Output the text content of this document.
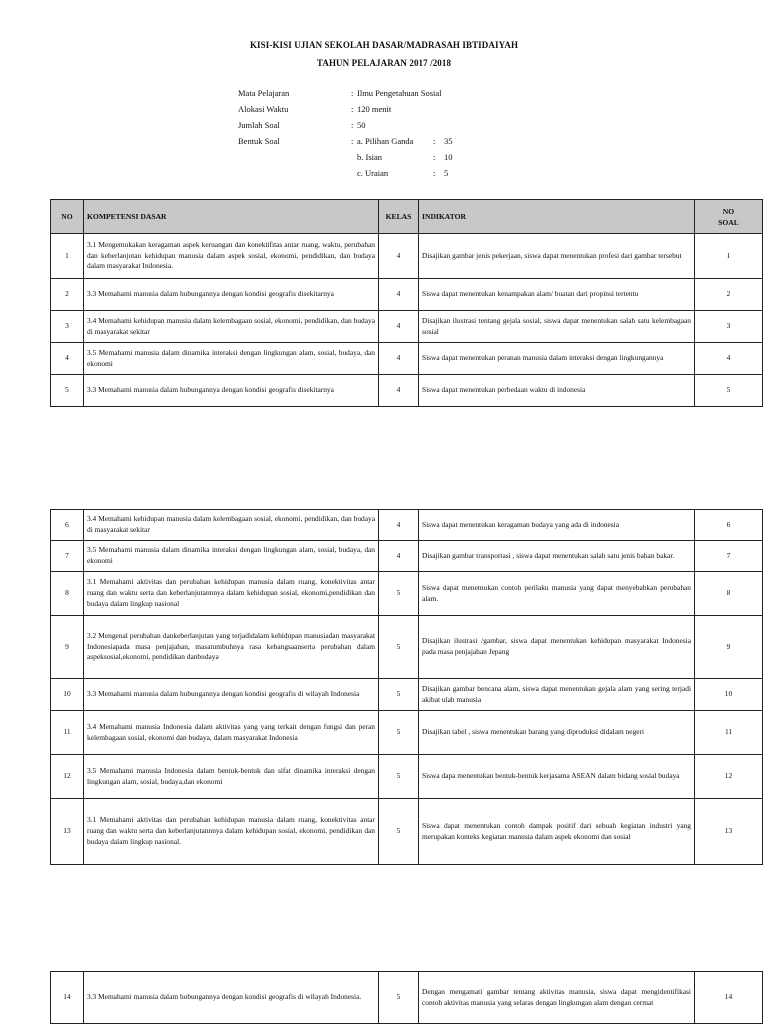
KISI-KISI UJIAN SEKOLAH DASAR/MADRASAH IBTIDAIYAH
TAHUN PELAJARAN 2017 /2018
Mata Pelajaran	: Ilmu Pengetahuan Sosial
Alokasi Waktu	: 120 menit
Jumlah Soal	: 50
Bentuk Soal	: a. Pilihan Ganda : 35
b. Isian	: 10
c. Uraian	: 5
NO	KOMPETENSI DASAR	KELAS	INDIKATOR	NO
SOAL
1	3.1 Mengemukakan keragaman aspek keruangan dan konektifitas antar ruang, waktu, perubahan dan keberlanjutan kehidupan manusia dalam aspek sosial, ekonomi, pendidikan, dan budaya dalam masyarakat Indonesia.	4	Disajikan gambar jenis pekerjaan, siswa dapat menentukan profesi dari gambar tersebut	1
2	3.3 Memahami manusia dalam hubungannya dengan kondisi geografis disekitarnya	4	Siswa dapat menentukan kenampakan alam/ buatan dari propinsi tertentu	2
3	3.4 Memahami kehidupan manusia dalam kelembagaan sosial, ekonomi, pendidikan, dan budaya di masyarakat sekitar	4	Disajikan ilustrasi tentang gejala sosial, siswa dapat menentukan salah satu kelembagaan sosial	3
4	3.5 Memahami manusia dalam dinamika interaksi dengan lingkungan alam, sosial, budaya, dan ekonomi	4	Siswa dapat menentukan peranan manusia dalam interaksi dengan lingkungannya	4
5	3.3 Memahami manusia dalam hubungannya dengan kondisi geografis disekitarnya	4	Siswa dapat menentukan perbedaan waktu di indonesia	5
6	3.4 Memahami kehidupan manusia dalam kelembagaan sosial, ekonomi, pendidikan, dan budaya di masyarakat sekitar	4	Siswa dapat menentukan keragaman budaya yang ada di indonesia	6
7	3.5 Memahami manusia dalam dinamika interaksi dengan lingkungan alam, sosial, budaya, dan ekonomi	4	Disajikan gambar transportasi , siswa dapat menentukan salah satu jenis bahan bakar.	7
8	3.1 Memahami aktivitas dan perubahan kehidupan manusia dalam ruang, konektivitas antar ruang dan waktu serta dan keberlanjutannnya dalam kehidupan sosial, ekonomi,pendidikan dan budaya dalam lingkup nasional	5	Siswa dapat menemukan contoh perilaku manusia yang dapat menyebabkan perubahan alam.	8
9	3.2 Mengenal perubahan dankeberlanjutan yang terjadidalam kehidupan manusiadan masyarakat Indonesiapada masa penjajahan, masatumbuhnya rasa kebangsaanserta perubahan dalam aspeksosial,ekonomi, pendidikan danbudaya	5	Disajikan ilustrasi /gambar, siswa dapat menentukan kehidupan masyarakat Indonesia pada masa penjajahan Jepang	9
10	3.3 Memahami manusia dalam hubungannya dengan kondisi geografis di wilayah Indonesia	5	Disajikan gambar bencana alam, siswa dapat menentukan gejala alam yang sering terjadi akibat ulah manusia	10
11	3.4 Memahami manusia Indonesia dalam aktivitas yang yang terkait dengan fungsi dan peran kelembagaan sosial, ekonomi dan budaya, dalam masyarakat Indonesia	5	Disajikan tabel , siswa menentukan barang yang diproduksi didalam negeri	11
12	3.5 Memahami manusia Indonesia dalam bentuk-bentuk dan sifat dinamika interaksi dengan lingkungan alam, sosial, budaya,dan ekonomi	5	Siswa dapa menentukan bentuk-bentuk kerjasama ASEAN dalam bidang sosial budaya	12
13	3.1 Memahami aktivitas dan perubahan kehidupan manusia dalam ruang, konektivitas antar ruang dan waktu serta dan keberlanjutannnya dalam kehidupan sosial, ekonomi, pendidikan dan budaya dalam lingkup nasional.	5	Siswa dapat menentukan contoh dampak positif dari sebuah kegiatan industri yang merupakan konteks kegiatan manusia dalam aspek ekonomi dan sosial	13
14	3.3 Memahami manusia dalam hubungannya dengan kondisi geografis di wilayah Indonesia.	5	Dengan mengamati gambar tentang aktivitas manusia, siswa dapat mengidentifikasi contoh aktivitas manusia yang selaras dengan lingkungan alam dengan cermat	14
